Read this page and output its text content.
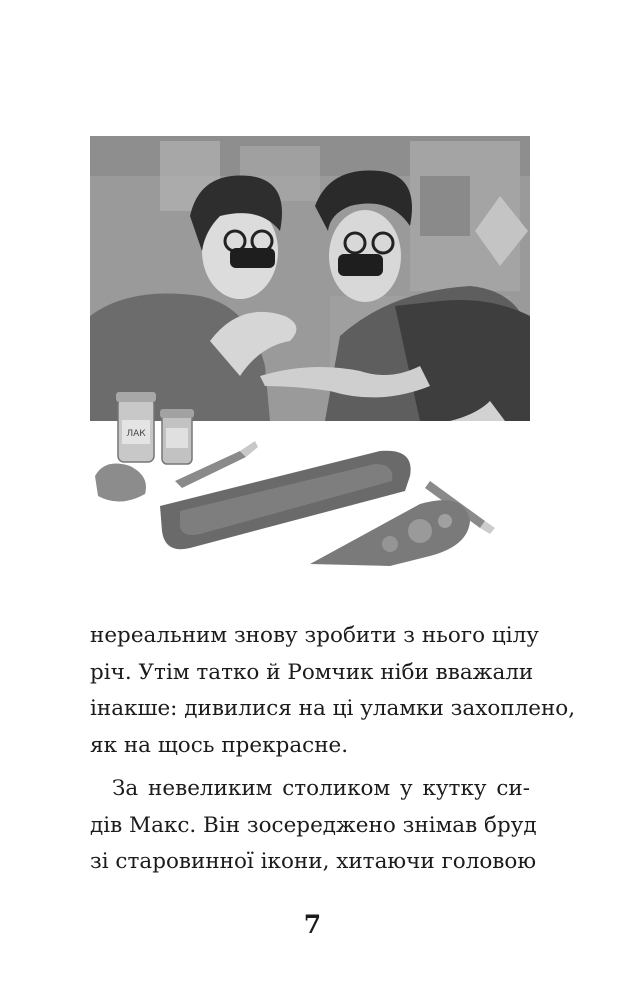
ЛАК

нереальним знову зробити з нього цілу
річ. Утім татко й Ромчик ніби вважали
інакше: дивилися на ці уламки захоплено,
як на щось прекрасне.

За невеликим столиком у кутку си-
дів Макс. Він зосереджено знімав бруд
зі старовинної ікони, хитаючи головою

7
